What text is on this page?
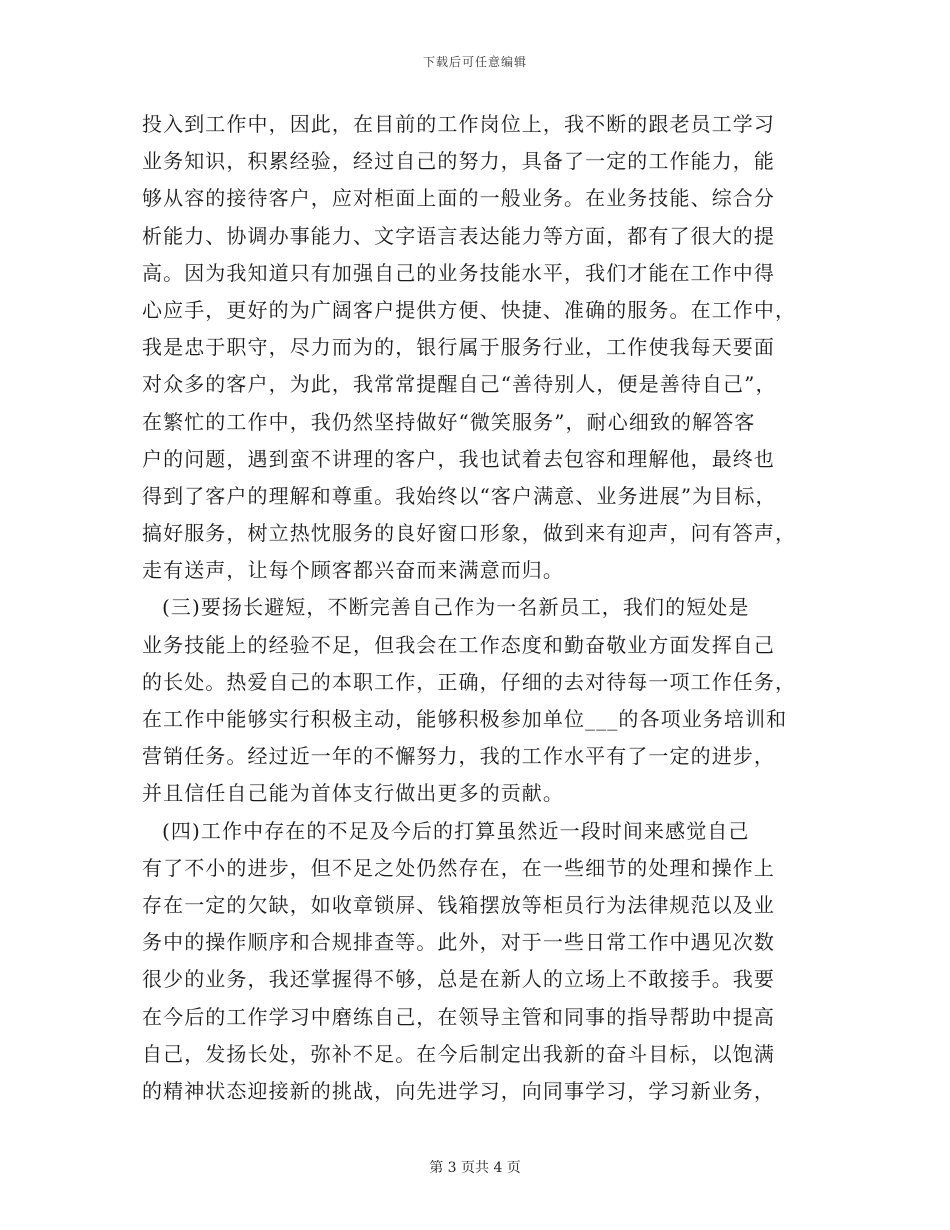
下载后可任意编辑
投入到工作中，因此，在目前的工作岗位上，我不断的跟老员工学习
业务知识，积累经验，经过自己的努力，具备了一定的工作能力，能
够从容的接待客户，应对柜面上面的一般业务。在业务技能、综合分
析能力、协调办事能力、文字语言表达能力等方面，都有了很大的提
高。因为我知道只有加强自己的业务技能水平，我们才能在工作中得
心应手，更好的为广阔客户提供方便、快捷、准确的服务。在工作中，
我是忠于职守，尽力而为的，银行属于服务行业，工作使我每天要面
对众多的客户，为此，我常常提醒自己“善待别人，便是善待自己”，
在繁忙的工作中，我仍然坚持做好“微笑服务”，耐心细致的解答客
户的问题，遇到蛮不讲理的客户，我也试着去包容和理解他，最终也
得到了客户的理解和尊重。我始终以“客户满意、业务进展”为目标，
搞好服务，树立热忱服务的良好窗口形象，做到来有迎声，问有答声，
走有送声，让每个顾客都兴奋而来满意而归。
(三)要扬长避短，不断完善自己作为一名新员工，我们的短处是
业务技能上的经验不足，但我会在工作态度和勤奋敬业方面发挥自己
的长处。热爱自己的本职工作，正确，仔细的去对待每一项工作任务，
在工作中能够实行积极主动，能够积极参加单位___的各项业务培训和
营销任务。经过近一年的不懈努力，我的工作水平有了一定的进步，
并且信任自己能为首体支行做出更多的贡献。
(四)工作中存在的不足及今后的打算虽然近一段时间来感觉自己
有了不小的进步，但不足之处仍然存在，在一些细节的处理和操作上
存在一定的欠缺，如收章锁屏、钱箱摆放等柜员行为法律规范以及业
务中的操作顺序和合规排查等。此外，对于一些日常工作中遇见次数
很少的业务，我还掌握得不够，总是在新人的立场上不敢接手。我要
在今后的工作学习中磨练自己，在领导主管和同事的指导帮助中提高
自己，发扬长处，弥补不足。在今后制定出我新的奋斗目标，以饱满
的精神状态迎接新的挑战，向先进学习，向同事学习，学习新业务，
第 3 页共 4 页
